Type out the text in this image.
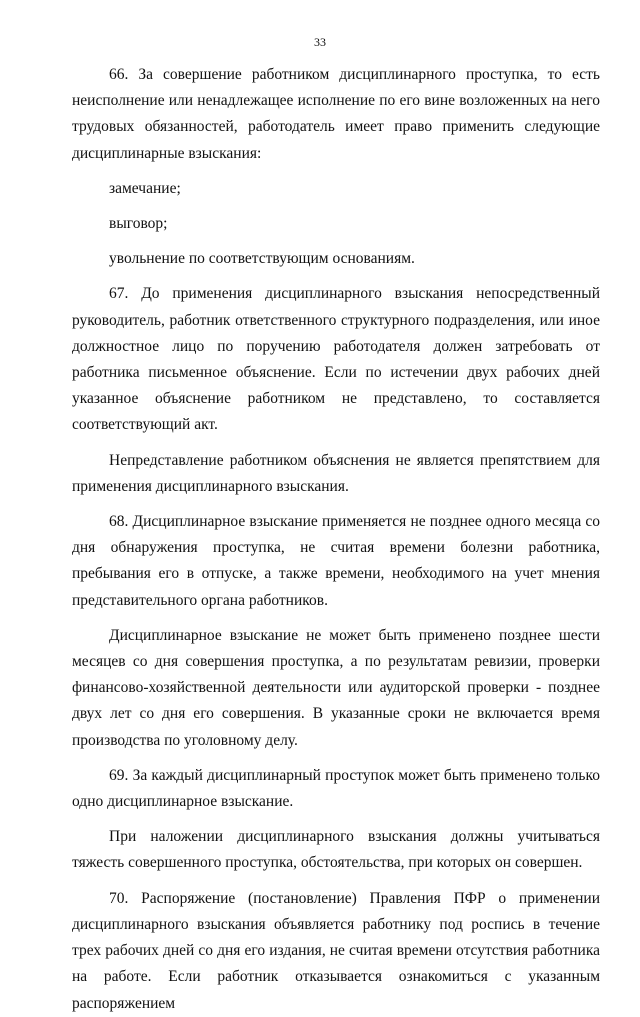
33

66. За совершение работником дисциплинарного проступка, то есть неисполнение или ненадлежащее исполнение по его вине возложенных на него трудовых обязанностей, работодатель имеет право применить следующие дисциплинарные взыскания:

замечание;

выговор;

увольнение по соответствующим основаниям.

67. До применения дисциплинарного взыскания непосредственный руководитель, работник ответственного структурного подразделения, или иное должностное лицо по поручению работодателя должен затребовать от работника письменное объяснение. Если по истечении двух рабочих дней указанное объяснение работником не представлено, то составляется соответствующий акт.

Непредставление работником объяснения не является препятствием для применения дисциплинарного взыскания.

68. Дисциплинарное взыскание применяется не позднее одного месяца со дня обнаружения проступка, не считая времени болезни работника, пребывания его в отпуске, а также времени, необходимого на учет мнения представительного органа работников.

Дисциплинарное взыскание не может быть применено позднее шести месяцев со дня совершения проступка, а по результатам ревизии, проверки финансово-хозяйственной деятельности или аудиторской проверки - позднее двух лет со дня его совершения. В указанные сроки не включается время производства по уголовному делу.

69. За каждый дисциплинарный проступок может быть применено только одно дисциплинарное взыскание.

При наложении дисциплинарного взыскания должны учитываться тяжесть совершенного проступка, обстоятельства, при которых он совершен.

70. Распоряжение (постановление) Правления ПФР о применении дисциплинарного взыскания объявляется работнику под роспись в течение трех рабочих дней со дня его издания, не считая времени отсутствия работника на работе. Если работник отказывается ознакомиться с указанным распоряжением
